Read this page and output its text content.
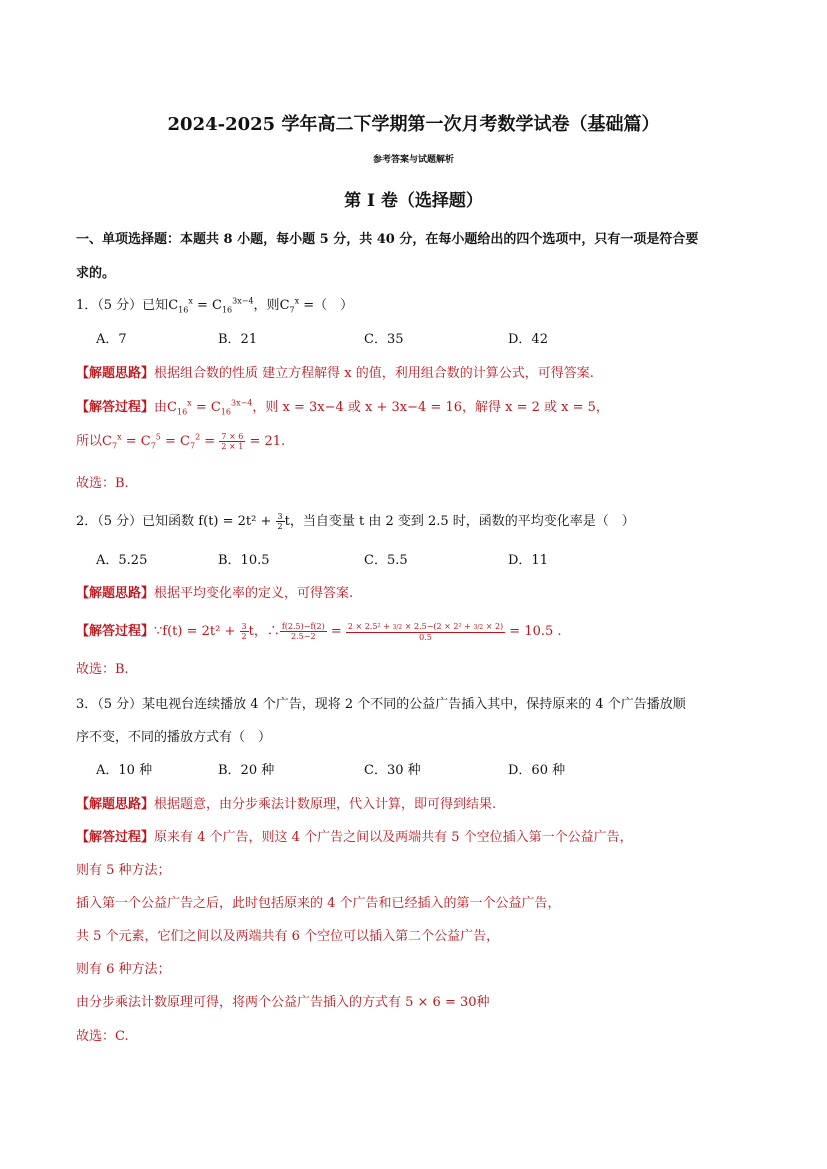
2024-2025 学年高二下学期第一次月考数学试卷（基础篇）
参考答案与试题解析
第 I 卷（选择题）
一、单项选择题：本题共 8 小题，每小题 5 分，共 40 分，在每小题给出的四个选项中，只有一项是符合要
求的。
1．（5 分）已知$C_{16}^x = C_{16}^{3x-4}$，则$C_7^x$ =（　）
A．7	B．21	C．35	D．42
【解题思路】根据组合数的性质 建立方程解得 x 的值，利用组合数的计算公式，可得答案.
【解答过程】由$C_{16}^x = C_{16}^{3x-4}$，则 x = 3x−4 或 x + 3x−4 = 16，解得 x = 2 或 x = 5，
所以$C_7^x = C_7^5 = C_7^2 = \frac{7 \times 6}{2 \times 1} = 21$.
故选：B.
2．（5 分）已知函数 $f(t) = 2t^2 + \frac{3}{2}$ t，当自变量 t 由 2 变到 2.5 时，函数的平均变化率是（　）
A．5.25	B．10.5	C．5.5	D．11
【解题思路】根据平均变化率的定义，可得答案.
【解答过程】∵f(t) = $2t^2 + \frac{3}{2}$ t，∴ $\frac{f(2.5)-f(2)}{2.5-2} = \frac{\text{2 × 2.5² + 3/2 × 2.5−(2 × 2² + 3/2 × 2)}}{0.5} = 10.5$ .
故选：B.
3．（5 分）某电视台连续播放 4 个广告，现将 2 个不同的公益广告插入其中，保持原来的 4 个广告播放顺
序不变，不同的播放方式有（　）
A．10 种	B．20 种	C．30 种	D．60 种
【解题思路】根据题意，由分步乘法计数原理，代入计算，即可得到结果.
【解答过程】原来有 4 个广告，则这 4 个广告之间以及两端共有 5 个空位插入第一个公益广告，
则有 5 种方法；
插入第一个公益广告之后，此时包括原来的 4 个广告和已经插入的第一个公益广告，
共 5 个元素，它们之间以及两端共有 6 个空位可以插入第二个公益广告，
则有 6 种方法；
由分步乘法计数原理可得，将两个公益广告插入的方式有 5 × 6 = 30种
故选：C.
